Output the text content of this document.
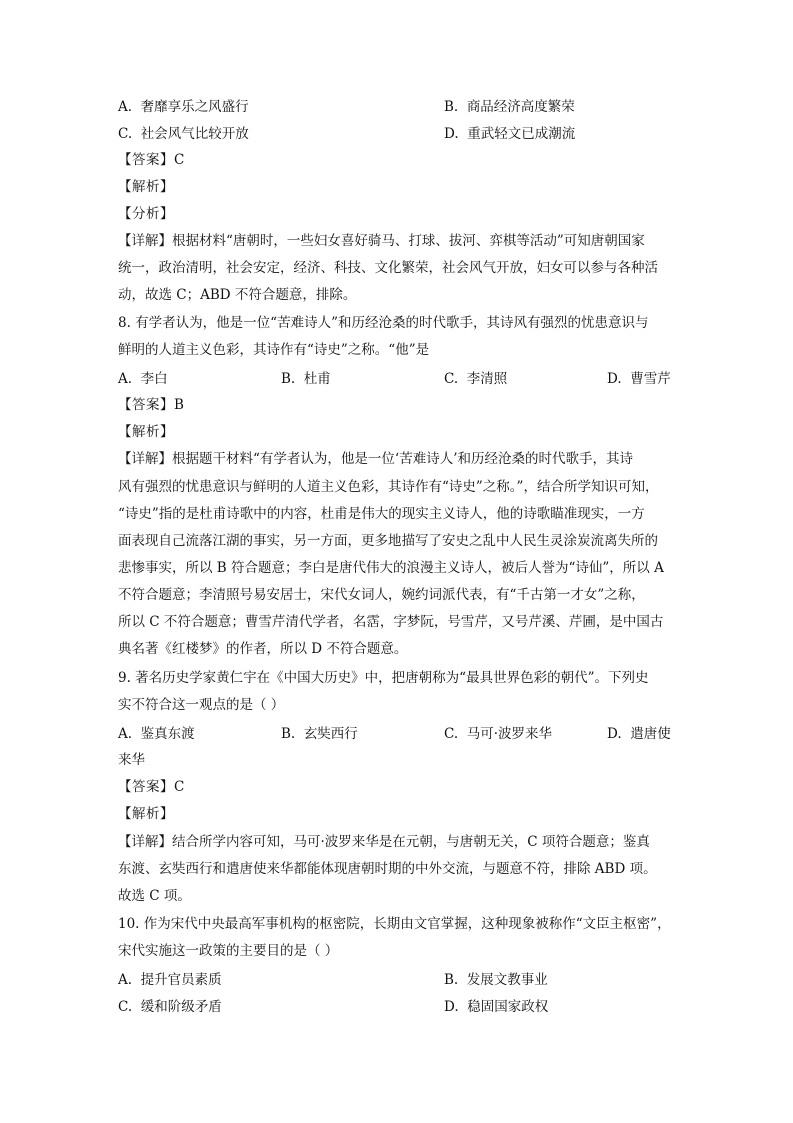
A. 奢靡享乐之风盛行	B. 商品经济高度繁荣
C. 社会风气比较开放	D. 重武轻文已成潮流
【答案】C
【解析】
【分析】
【详解】根据材料“唐朝时，一些妇女喜好骑马、打球、拔河、弈棋等活动”可知唐朝国家
统一，政治清明，社会安定，经济、科技、文化繁荣，社会风气开放，妇女可以参与各种活
动，故选 C；ABD 不符合题意，排除。
8. 有学者认为，他是一位“苦难诗人”和历经沧桑的时代歌手，其诗风有强烈的忧患意识与
鲜明的人道主义色彩，其诗作有“诗史”之称。“他”是
A. 李白	B. 杜甫	C. 李清照	D. 曹雪芹
【答案】B
【解析】
【详解】根据题干材料“有学者认为，他是一位‘苦难诗人’和历经沧桑的时代歌手，其诗
风有强烈的忧患意识与鲜明的人道主义色彩，其诗作有“诗史”之称。”，结合所学知识可知，
“诗史”指的是杜甫诗歌中的内容，杜甫是伟大的现实主义诗人，他的诗歌瞄准现实，一方
面表现自己流落江湖的事实，另一方面，更多地描写了安史之乱中人民生灵涂炭流离失所的
悲惨事实，所以 B 符合题意；李白是唐代伟大的浪漫主义诗人，被后人誉为“诗仙”，所以 A
不符合题意；李清照号易安居士，宋代女词人，婉约词派代表，有“千古第一才女”之称，
所以 C 不符合题意；曹雪芹清代学者，名霑，字梦阮，号雪芹，又号芹溪、芹圃，是中国古
典名著《红楼梦》的作者，所以 D 不符合题意。
9. 著名历史学家黄仁宇在《中国大历史》中，把唐朝称为“最具世界色彩的朝代”。下列史
实不符合这一观点的是（ ）
A. 鉴真东渡	B. 玄奘西行	C. 马可·波罗来华	D. 遣唐使
来华
【答案】C
【解析】
【详解】结合所学内容可知，马可·波罗来华是在元朝，与唐朝无关，C 项符合题意；鉴真
东渡、玄奘西行和遣唐使来华都能体现唐朝时期的中外交流，与题意不符，排除 ABD 项。
故选 C 项。
10. 作为宋代中央最高军事机构的枢密院，长期由文官掌握，这种现象被称作“文臣主枢密”，
宋代实施这一政策的主要目的是（ ）
A. 提升官员素质	B. 发展文教事业
C. 缓和阶级矛盾	D. 稳固国家政权
